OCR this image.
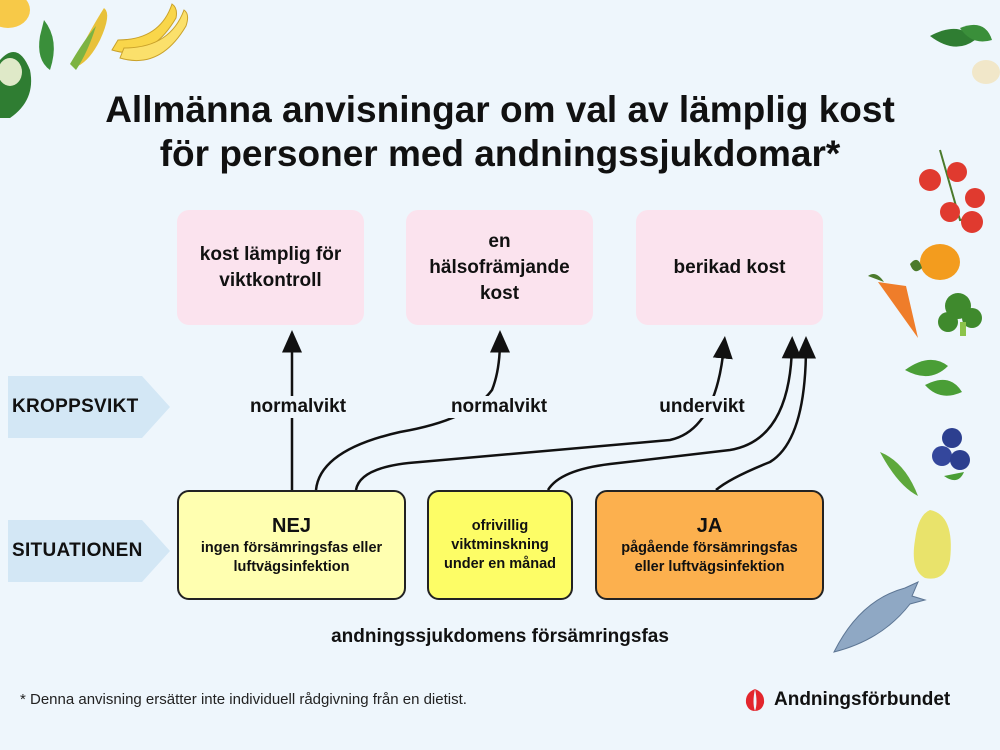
Allmänna anvisningar om val av lämplig kost
för personer med andningssjukdomar*
kost lämplig för viktkontroll
en hälsofrämjande kost
berikad kost
KROPPSVIKT
SITUATIONEN
normalvikt	normalvikt	undervikt
NEJ
ingen försämringsfas eller luftvägsinfektion
ofrivillig viktminskning under en månad
JA
pågående försämringsfas eller luftvägsinfektion
andningssjukdomens försämringsfas
* Denna anvisning ersätter inte individuell rådgivning från en dietist.	Andningsförbundet
